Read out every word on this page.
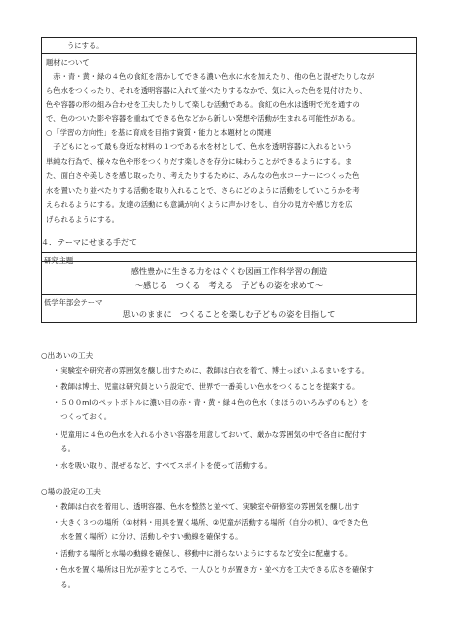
うにする。
題材について
　赤・青・黄・緑の４色の食紅を溶かしてできる濃い色水に水を加えたり、他の色と混ぜたりしなが
ら色水をつくったり、それを透明容器に入れて並べたりするなかで、気に入った色を見付けたり、
色や容器の形の組み合わせを工夫したりして楽しむ活動である。食紅の色水は透明で光を通すの
で、色のついた影や容器を重ねてできる色などから新しい発想や活動が生まれる可能性がある。
○「学習の方向性」を基に育成を目指す資質・能力と本題材との関連
　子どもにとって最も身近な材料の１つである水を材として、色水を透明容器に入れるという
単純な行為で、様々な色や形をつくりだす楽しさを存分に味わうことができるようにする。ま
た、面白さや美しさを感じ取ったり、考えたりするために、みんなの色水コーナーにつくった色
水を置いたり並べたりする活動を取り入れることで、さらにどのように活動をしていこうかを考
えられるようにする。友達の活動にも意識が向くように声かけをし、自分の見方や感じ方を広
げられるようにする。
４．テーマにせまる手だて
研究主題
感性豊かに生きる力をはぐくむ図画工作科学習の創造
～感じる　つくる　考える　子どもの姿を求めて～
低学年部会テーマ
思いのままに　つくることを楽しむ子どもの姿を目指して
○出あいの工夫
・実験室や研究者の雰囲気を醸し出すために、教師は白衣を着て、博士っぽい ふるまいをする。
・教師は博士、児童は研究員という設定で、世界で一番美しい色水をつくることを提案する。
・５００mlのペットボトルに濃い目の赤・青・黄・緑４色の色水（まほうのいろみずのもと）を
　つくっておく。
・児童用に４色の色水を入れる小さい容器を用意しておいて、厳かな雰囲気の中で各自に配付す
　る。
・水を吸い取り、混ぜるなど、すべてスポイトを使って活動する。
○場の設定の工夫
・教師は白衣を着用し、透明容器、色水を整然と並べて、実験室や研修室の雰囲気を醸し出す
・大きく３つの場所（①材料・用具を置く場所、②児童が活動する場所（自分の机）、③できた色
　水を置く場所）に分け、活動しやすい動線を確保する。
・活動する場所と水場の動線を確保し、移動中に滑らないようにするなど安全に配慮する。
・色水を置く場所は日光が差すところで、一人ひとりが置き方・並べ方を工夫できる広さを確保す
　る。
